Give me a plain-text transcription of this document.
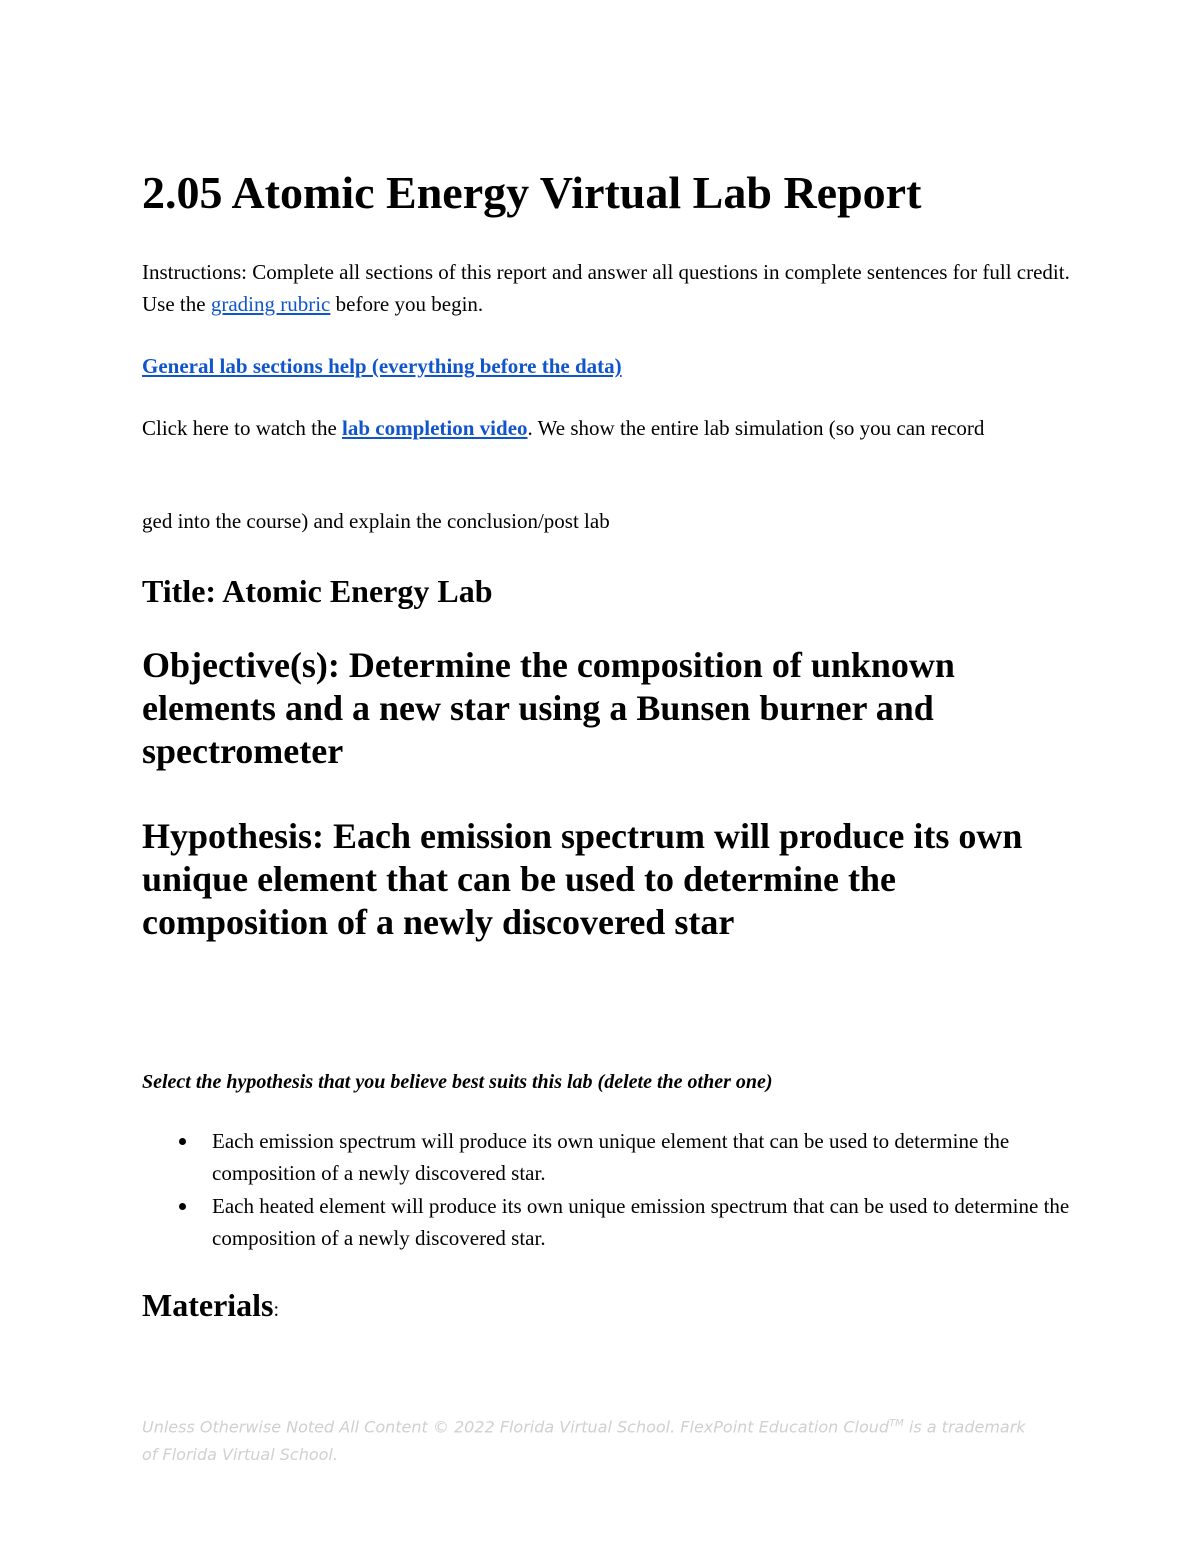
2.05 Atomic Energy Virtual Lab Report

Instructions: Complete all sections of this report and answer all questions in complete sentences for full credit. Use the grading rubric before you begin.

General lab sections help (everything before the data)

Click here to watch the lab completion video. We show the entire lab simulation (so you can record

ged into the course) and explain the conclusion/post lab

Title: Atomic Energy Lab
Objective(s): Determine the composition of unknown elements and a new star using a Bunsen burner and spectrometer
Hypothesis: Each emission spectrum will produce its own
unique element that can be used to determine the composition of a newly discovered star

Select the hypothesis that you believe best suits this lab (delete the other one)

Each emission spectrum will produce its own unique element that can be used to determine the composition of a newly discovered star.
Each heated element will produce its own unique emission spectrum that can be used to determine the composition of a newly discovered star.
Materials:

Unless Otherwise Noted All Content © 2022 Florida Virtual School. FlexPoint Education Cloud™ is a trademark of Florida Virtual School.
